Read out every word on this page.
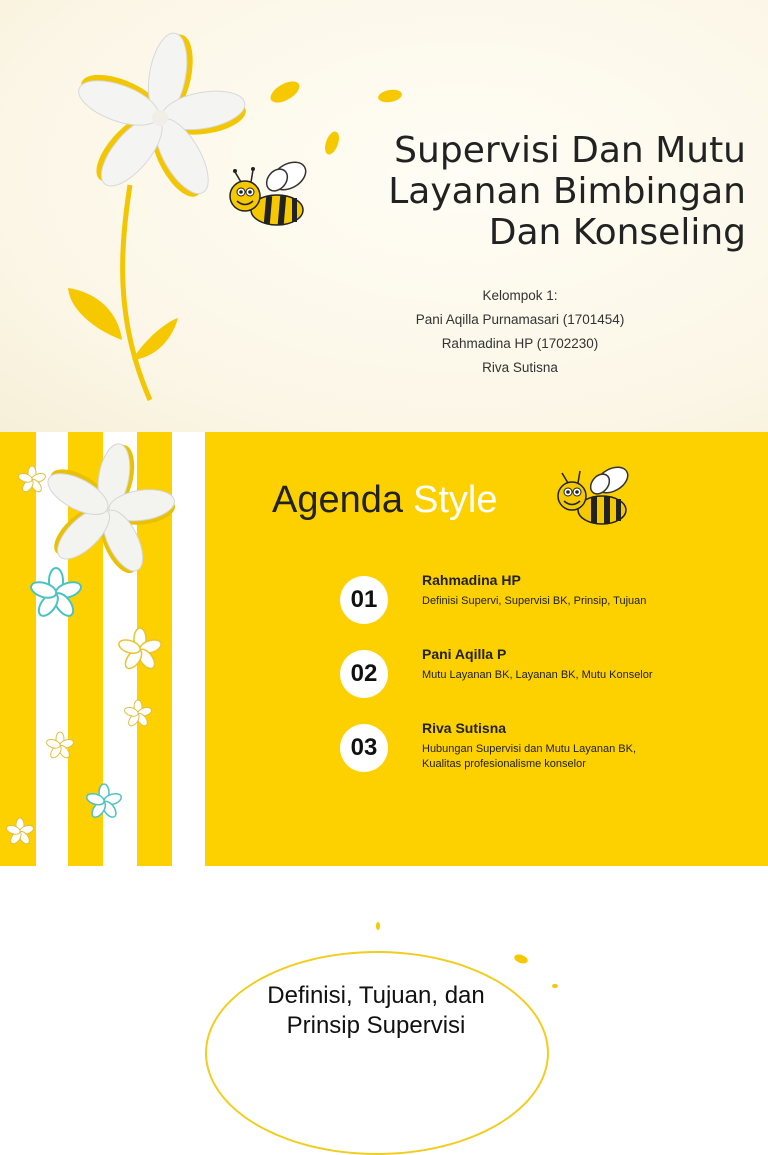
Supervisi Dan Mutu
Layanan Bimbingan
Dan Konseling
Kelompok 1:
Pani Aqilla Purnamasari (1701454)
Rahmadina HP (1702230)
Riva Sutisna
Agenda Style
01
Rahmadina HP
Definisi Supervi, Supervisi BK, Prinsip, Tujuan
02
Pani Aqilla P
Mutu Layanan BK, Layanan BK, Mutu Konselor
03
Riva Sutisna
Hubungan Supervisi dan Mutu Layanan BK,
Kualitas profesionalisme konselor
Definisi, Tujuan, dan
Prinsip Supervisi
